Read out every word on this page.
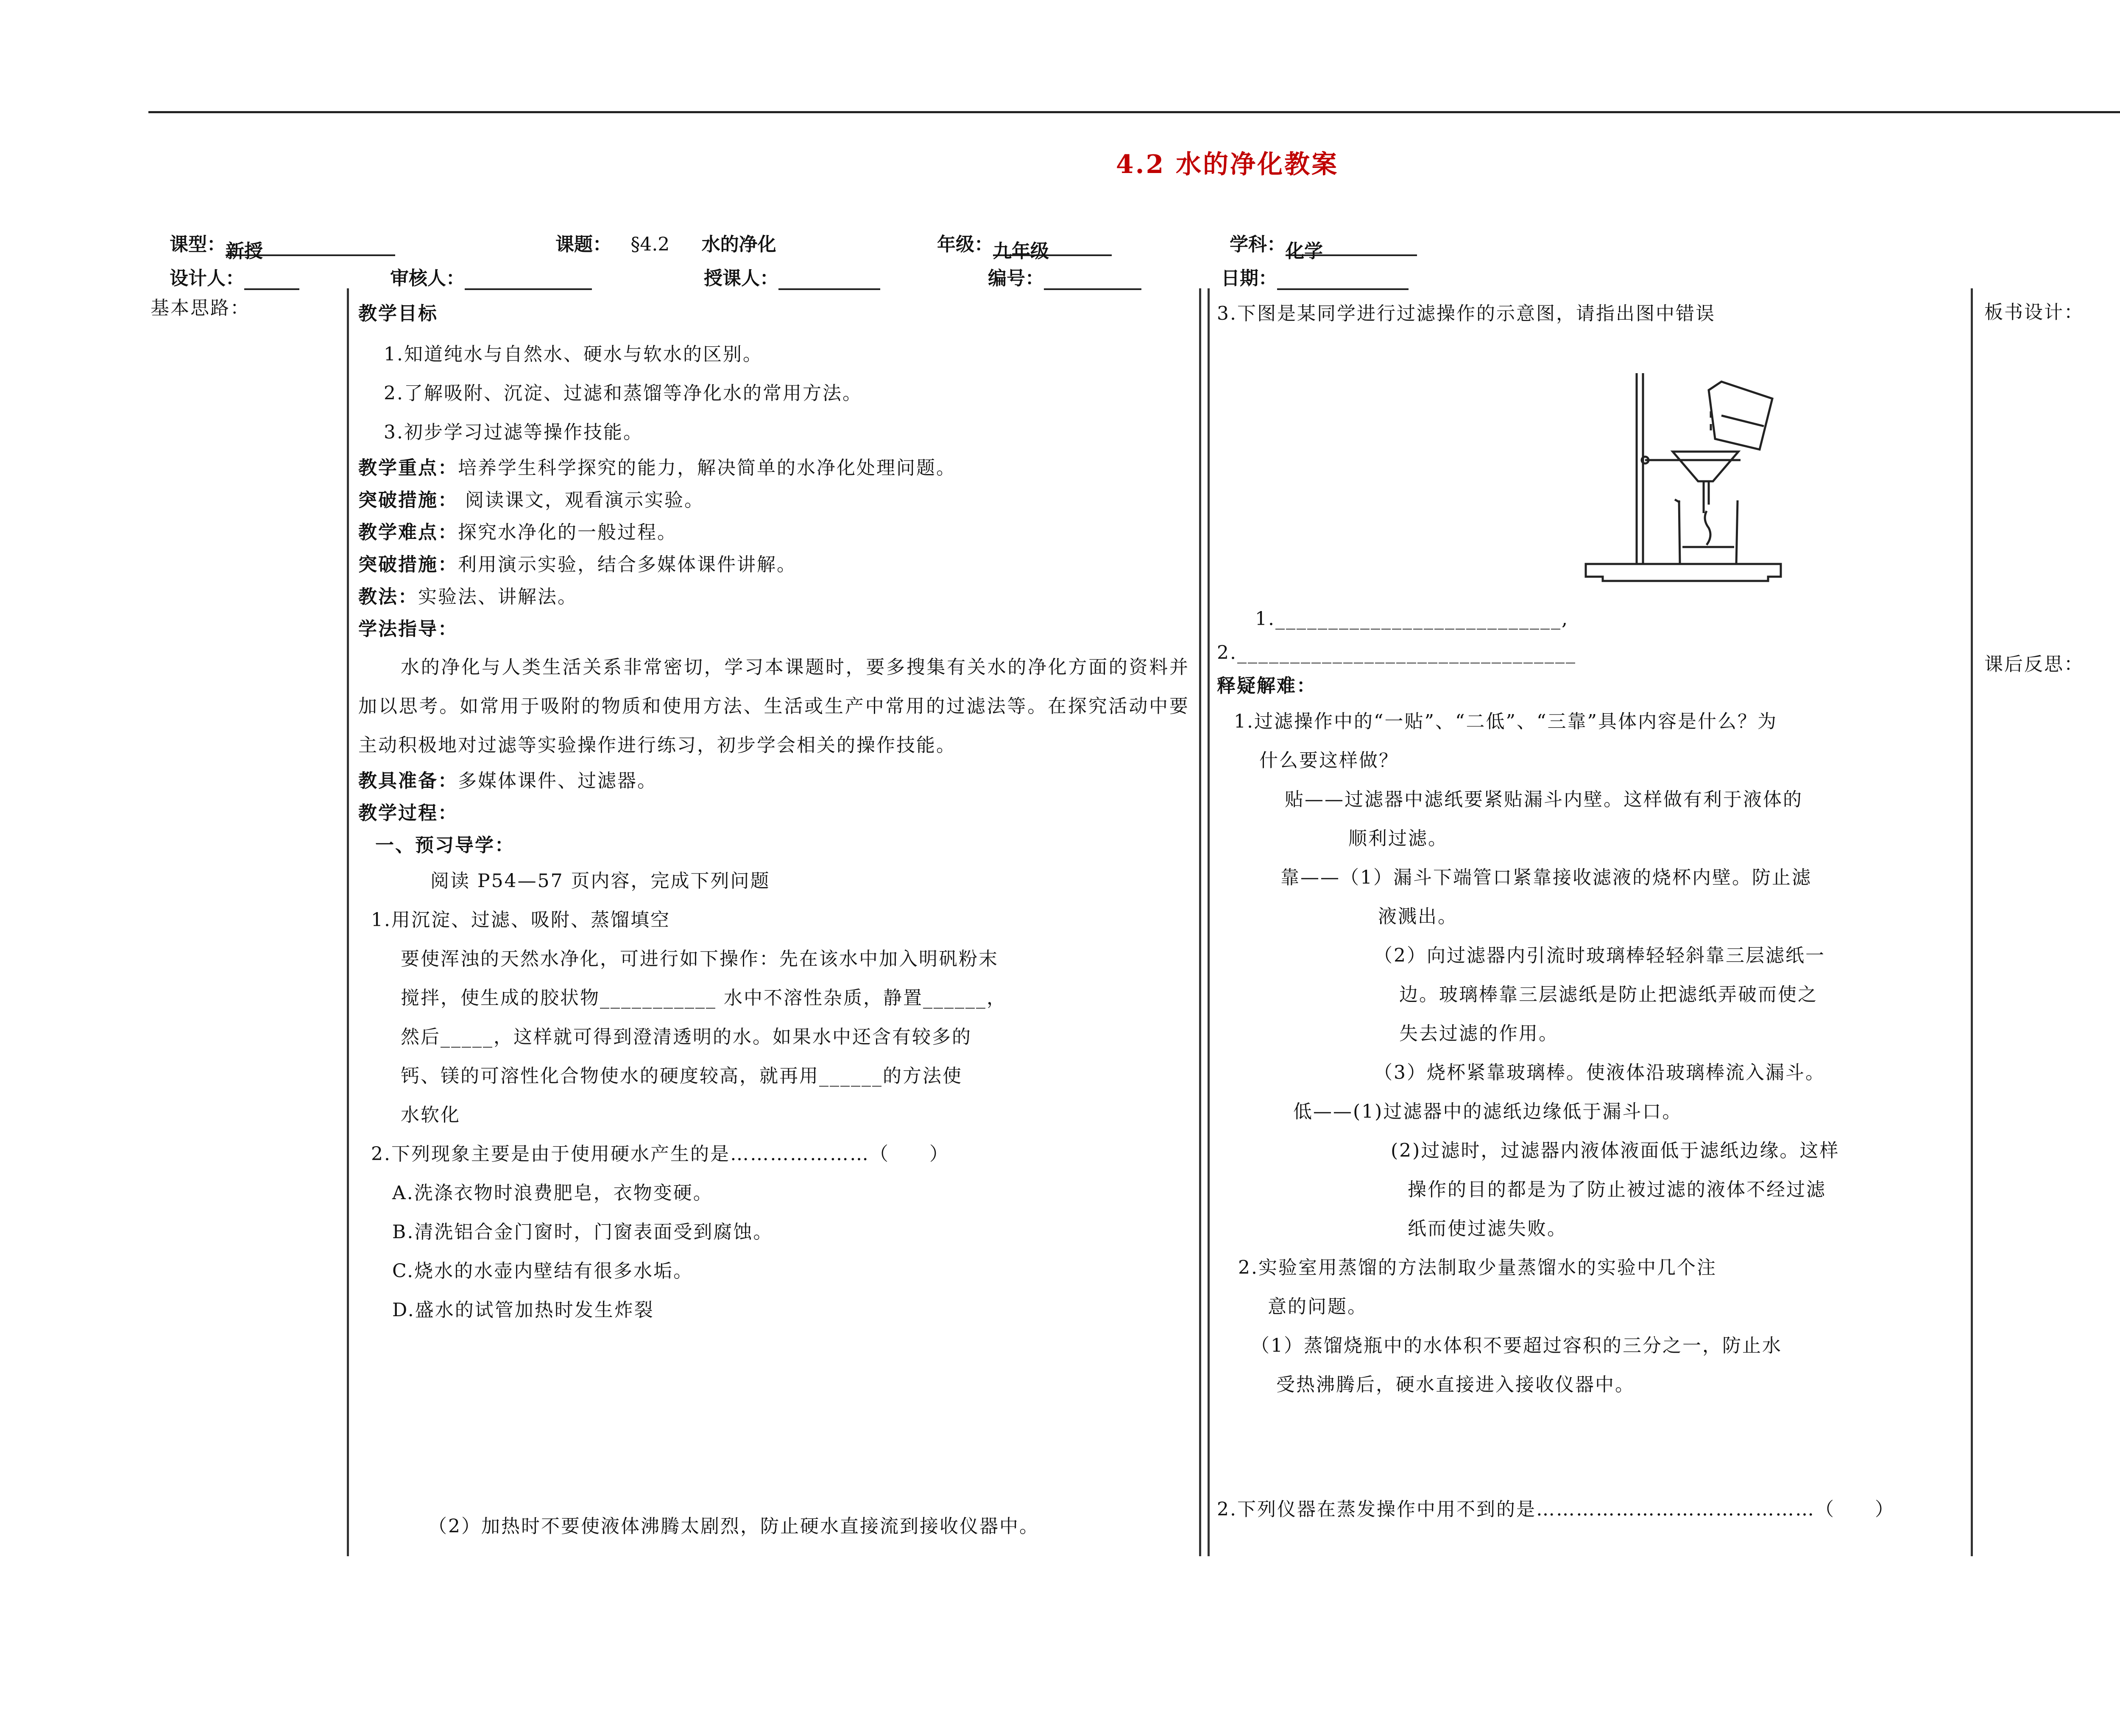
4.2 水的净化教案
课型：新授	课题： §4.2 水的净化	年级：九年级	学科：化学
设计人：	审核人：	授课人：	编号：	日期：
基本思路：	板书设计：
课后反思：
教学目标
1.知道纯水与自然水、硬水与软水的区别。
2.了解吸附、沉淀、过滤和蒸馏等净化水的常用方法。
3.初步学习过滤等操作技能。
教学重点：培养学生科学探究的能力，解决简单的水净化处理问题。
突破措施： 阅读课文，观看演示实验。
教学难点：探究水净化的一般过程。
突破措施：利用演示实验，结合多媒体课件讲解。
教法：实验法、讲解法。
学法指导：
水的净化与人类生活关系非常密切，学习本课题时，要多搜集有关水的净化方面的资料并加以思考。如常用于吸附的物质和使用方法、生活或生产中常用的过滤法等。在探究活动中要主动积极地对过滤等实验操作进行练习，初步学会相关的操作技能。
教具准备：多媒体课件、过滤器。
教学过程：
一、预习导学：
阅读 P54—57 页内容，完成下列问题
1.用沉淀、过滤、吸附、蒸馏填空
要使浑浊的天然水净化，可进行如下操作：先在该水中加入明矾粉末
搅拌，使生成的胶状物___________ 水中不溶性杂质，静置______，
然后_____，这样就可得到澄清透明的水。如果水中还含有较多的
钙、镁的可溶性化合物使水的硬度较高，就再用______的方法使
水软化
2.下列现象主要是由于使用硬水产生的是…………………（　　）
A.洗涤衣物时浪费肥皂，衣物变硬。
B.清洗铝合金门窗时，门窗表面受到腐蚀。
C.烧水的水壶内壁结有很多水垢。
D.盛水的试管加热时发生炸裂
（2）加热时不要使液体沸腾太剧烈，防止硬水直接流到接收仪器中。
3.下图是某同学进行过滤操作的示意图，请指出图中错误
1.___________________________,
2.________________________________
释疑解难：
1.过滤操作中的“一贴”、“二低”、“三靠”具体内容是什么？为
什么要这样做？
贴——过滤器中滤纸要紧贴漏斗内壁。这样做有利于液体的
顺利过滤。
靠——（1）漏斗下端管口紧靠接收滤液的烧杯内壁。防止滤
液溅出。
（2）向过滤器内引流时玻璃棒轻轻斜靠三层滤纸一
边。玻璃棒靠三层滤纸是防止把滤纸弄破而使之
失去过滤的作用。
（3）烧杯紧靠玻璃棒。使液体沿玻璃棒流入漏斗。
低——(1)过滤器中的滤纸边缘低于漏斗口。
(2)过滤时，过滤器内液体液面低于滤纸边缘。这样
操作的目的都是为了防止被过滤的液体不经过滤
纸而使过滤失败。
2.实验室用蒸馏的方法制取少量蒸馏水的实验中几个注
意的问题。
（1）蒸馏烧瓶中的水体积不要超过容积的三分之一，防止水
受热沸腾后，硬水直接进入接收仪器中。
2.下列仪器在蒸发操作中用不到的是……………………………………（　　）
